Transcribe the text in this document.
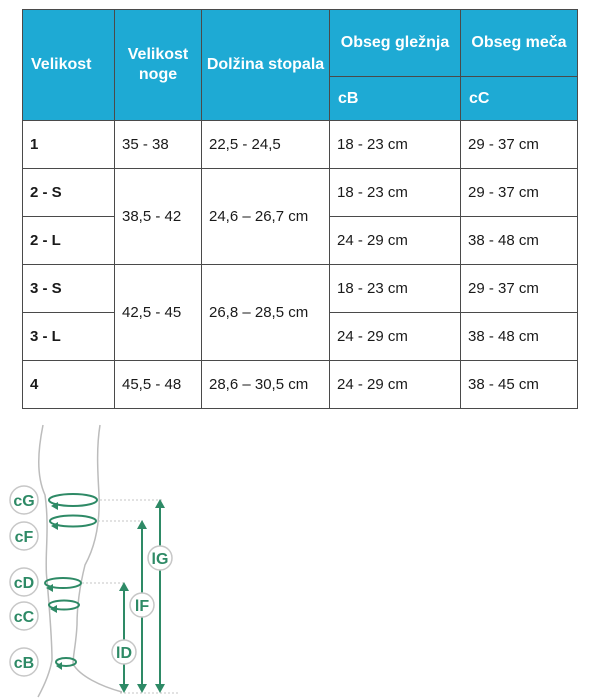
Velikost	Velikost noge	Dolžina stopala	Obseg gležnja	Obseg meča
			cB	cC
1	35 - 38	22,5 - 24,5	18 - 23 cm	29 - 37 cm
2 - S	38,5 - 42	24,6 – 26,7 cm	18 - 23 cm	29 - 37 cm
2 - L			24 - 29 cm	38 - 48 cm
3 - S	42,5 - 45	26,8 – 28,5 cm	18 - 23 cm	29 - 37 cm
3 - L			24 - 29 cm	38 - 48 cm
4	45,5 - 48	28,6 – 30,5 cm	24 - 29 cm	38 - 45 cm
lG
lF
lD
cG
cF
cD
cC
cB
